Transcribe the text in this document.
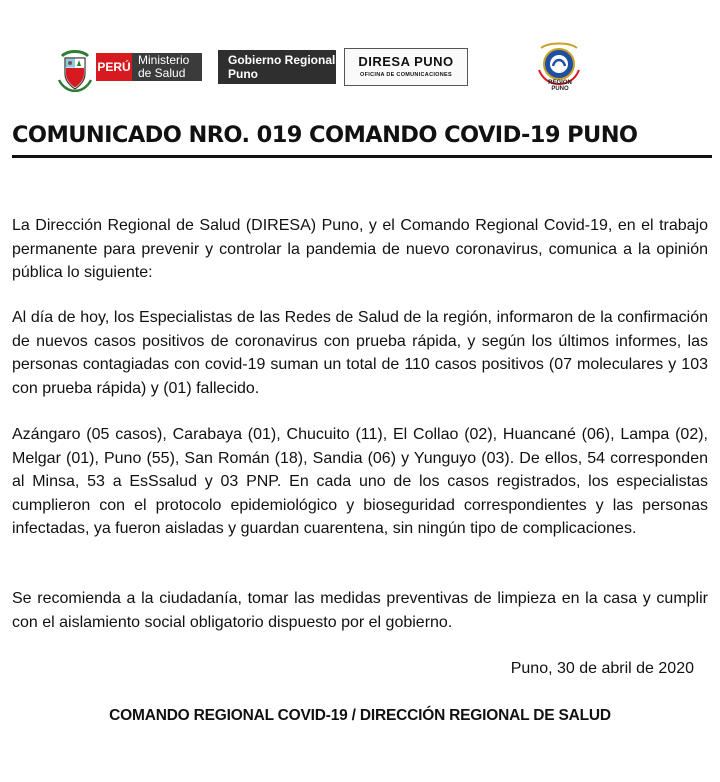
PERÚ Ministerio
de Salud
Gobierno Regional
Puno
DIRESA PUNO
OFICINA DE COMUNICACIONES
REGION PUNO
COMUNICADO NRO. 019 COMANDO COVID-19 PUNO
La Dirección Regional de Salud (DIRESA) Puno, y el Comando Regional Covid-19, en el trabajo permanente para prevenir y controlar la pandemia de nuevo coronavirus, comunica a la opinión pública lo siguiente:
Al día de hoy, los Especialistas de las Redes de Salud de la región, informaron de la confirmación de nuevos casos positivos de coronavirus con prueba rápida, y según los últimos informes, las personas contagiadas con covid-19 suman un total de 110 casos positivos (07 moleculares y 103 con prueba rápida) y (01) fallecido.
Azángaro (05 casos), Carabaya (01), Chucuito (11), El Collao (02), Huancané (06), Lampa (02), Melgar (01), Puno (55), San Román (18), Sandia (06) y Yunguyo (03). De ellos, 54 corresponden al Minsa, 53 a EsSsalud y 03 PNP. En cada uno de los casos registrados, los especialistas cumplieron con el protocolo epidemiológico y bioseguridad correspondientes y las personas infectadas, ya fueron aisladas y guardan cuarentena, sin ningún tipo de complicaciones.
Se recomienda a la ciudadanía, tomar las medidas preventivas de limpieza en la casa y cumplir con el aislamiento social obligatorio dispuesto por el gobierno.
Puno, 30 de abril de 2020
COMANDO REGIONAL COVID-19 / DIRECCIÓN REGIONAL DE SALUD
